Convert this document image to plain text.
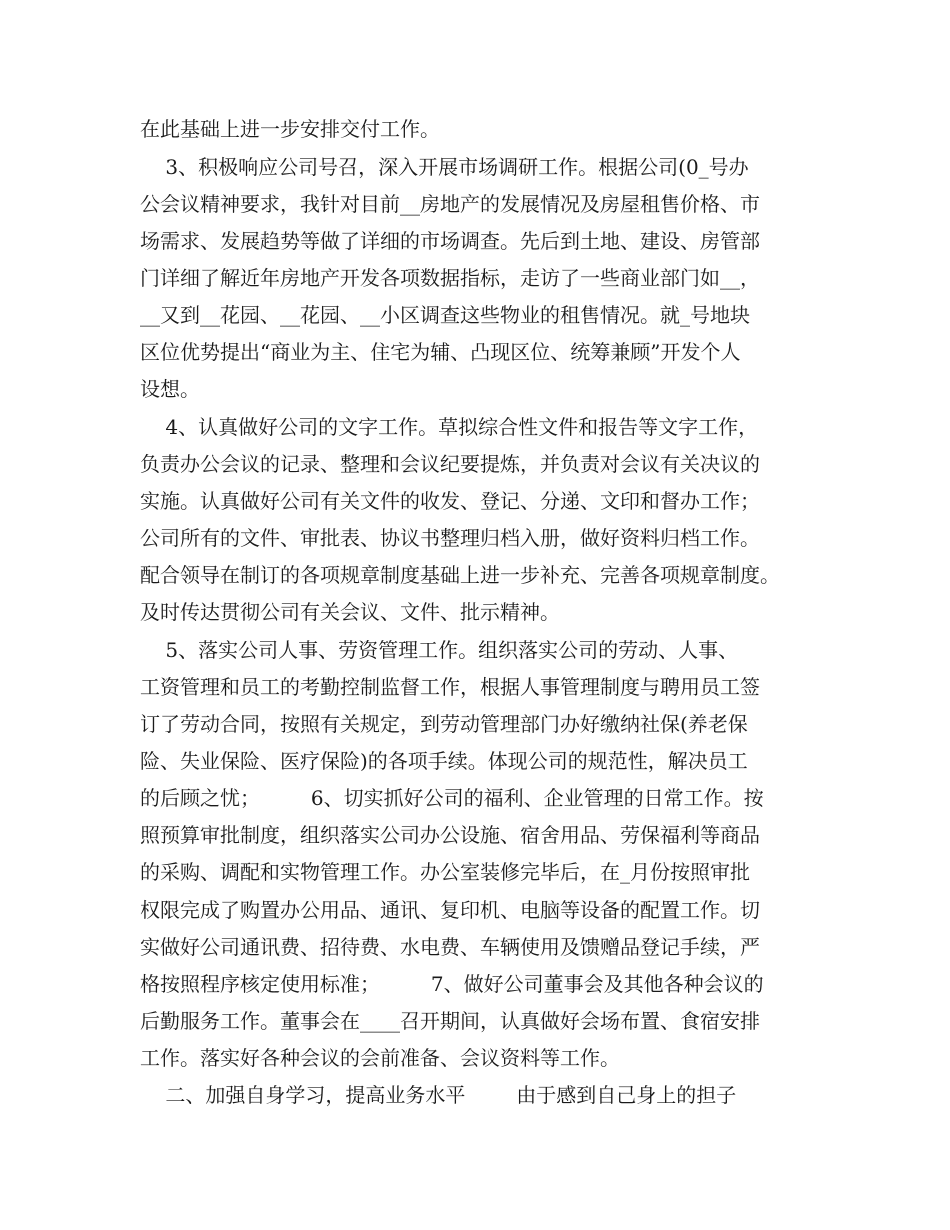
在此基础上进一步安排交付工作。
3、积极响应公司号召，深入开展市场调研工作。根据公司(0_号办
公会议精神要求，我针对目前__房地产的发展情况及房屋租售价格、市
场需求、发展趋势等做了详细的市场调查。先后到土地、建设、房管部
门详细了解近年房地产开发各项数据指标，走访了一些商业部门如__，
__又到__花园、__花园、__小区调查这些物业的租售情况。就_号地块
区位优势提出“商业为主、住宅为辅、凸现区位、统筹兼顾”开发个人
设想。
4、认真做好公司的文字工作。草拟综合性文件和报告等文字工作，
负责办公会议的记录、整理和会议纪要提炼，并负责对会议有关决议的
实施。认真做好公司有关文件的收发、登记、分递、文印和督办工作；
公司所有的文件、审批表、协议书整理归档入册，做好资料归档工作。
配合领导在制订的各项规章制度基础上进一步补充、完善各项规章制度。
及时传达贯彻公司有关会议、文件、批示精神。
5、落实公司人事、劳资管理工作。组织落实公司的劳动、人事、
工资管理和员工的考勤控制监督工作，根据人事管理制度与聘用员工签
订了劳动合同，按照有关规定，到劳动管理部门办好缴纳社保(养老保
险、失业保险、医疗保险)的各项手续。体现公司的规范性，解决员工
的后顾之忧；        6、切实抓好公司的福利、企业管理的日常工作。按
照预算审批制度，组织落实公司办公设施、宿舍用品、劳保福利等商品
的采购、调配和实物管理工作。办公室装修完毕后，在_月份按照审批
权限完成了购置办公用品、通讯、复印机、电脑等设备的配置工作。切
实做好公司通讯费、招待费、水电费、车辆使用及馈赠品登记手续，严
格按照程序核定使用标准；        7、做好公司董事会及其他各种会议的
后勤服务工作。董事会在____召开期间，认真做好会场布置、食宿安排
工作。落实好各种会议的会前准备、会议资料等工作。
二、加强自身学习，提高业务水平        由于感到自己身上的担子
